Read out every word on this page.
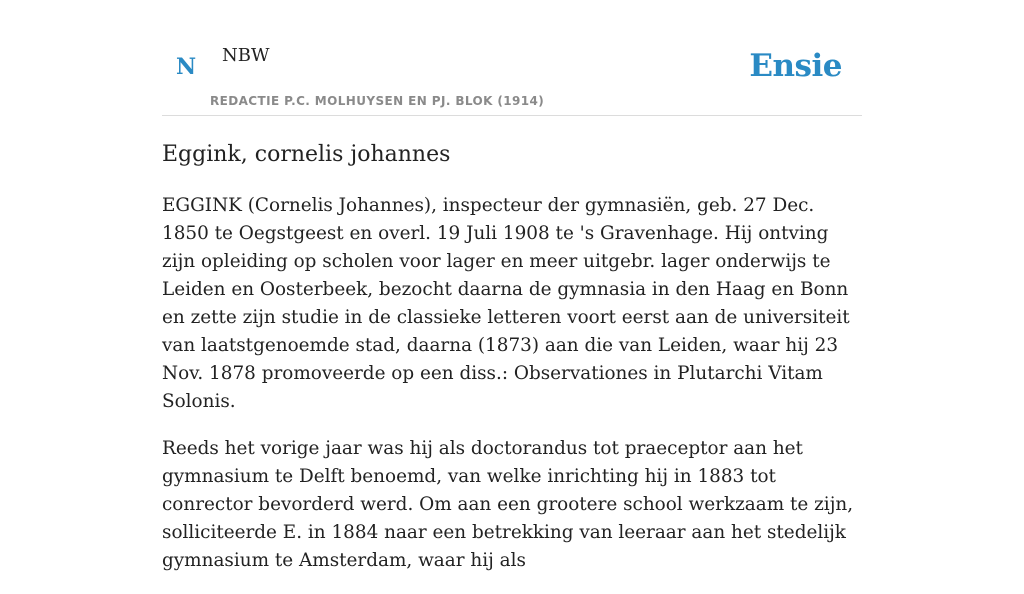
N NBW
REDACTIE P.C. MOLHUYSEN EN PJ. BLOK (1914)
Ensie
Eggink, cornelis johannes

EGGINK (Cornelis Johannes), inspecteur der gymnasiën, geb. 27 Dec. 1850 te Oegstgeest en overl. 19 Juli 1908 te 's Gravenhage. Hij ontving zijn opleiding op scholen voor lager en meer uitgebr. lager onderwijs te Leiden en Oosterbeek, bezocht daarna de gymnasia in den Haag en Bonn en zette zijn studie in de classieke letteren voort eerst aan de universiteit van laatstgenoemde stad, daarna (1873) aan die van Leiden, waar hij 23 Nov. 1878 promoveerde op een diss.: Observationes in Plutarchi Vitam Solonis.

Reeds het vorige jaar was hij als doctorandus tot praeceptor aan het gymnasium te Delft benoemd, van welke inrichting hij in 1883 tot conrector bevorderd werd. Om aan een grootere school werkzaam te zijn, solliciteerde E. in 1884 naar een betrekking van leeraar aan het stedelijk gymnasium te Amsterdam, waar hij als
